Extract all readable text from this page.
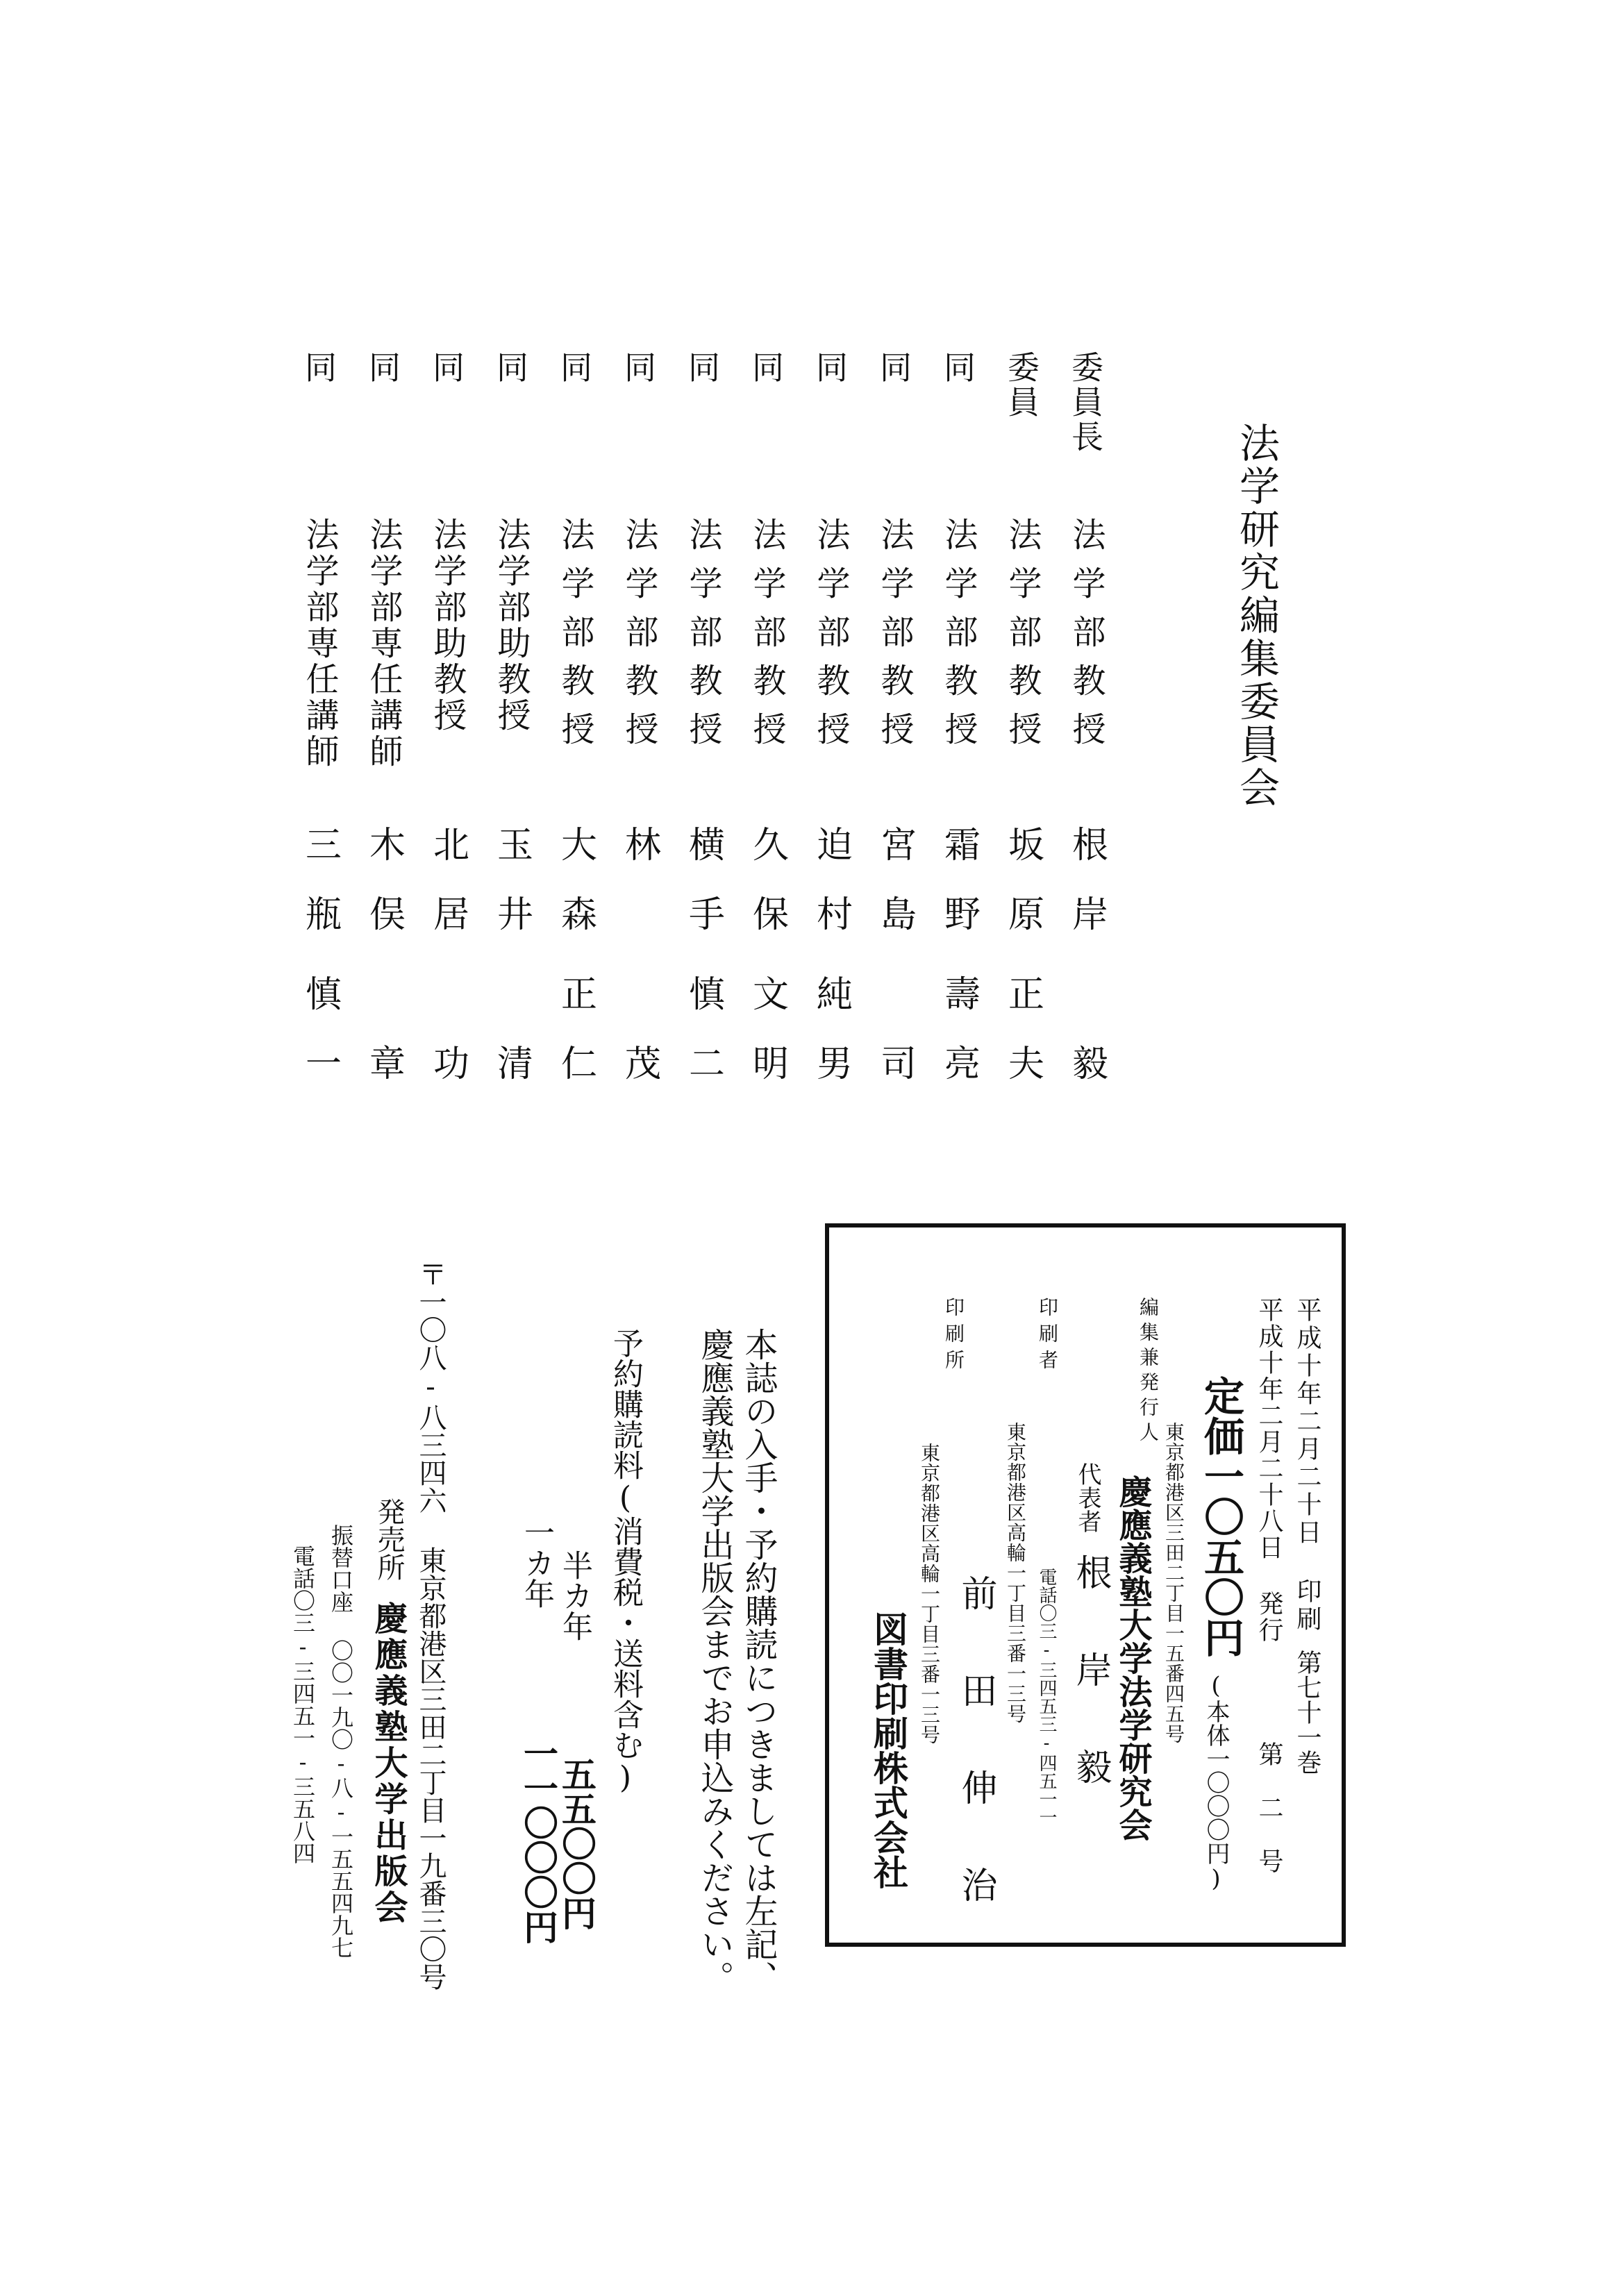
法学研究編集委員会
委員長
法学部教授
根
岸
毅
委員
法学部教授
坂
原
正
夫
同
法学部教授
霜
野
壽
亮
同
法学部教授
宮
島
司
同
法学部教授
迫
村
純
男
同
法学部教授
久
保
文
明
同
法学部教授
横
手
慎
二
同
法学部教授
林
茂
同
法学部教授
大
森
正
仁
同
法学部助教授
玉
井
清
同
法学部助教授
北
居
功
同
法学部専任講師
木
俣
章
同
法学部専任講師
三
瓶
慎
一
平成十年二月二十日 印刷
第七十一巻
平成十年二月二十八日 発行
第 二 号
定価一〇五〇円
(本体一〇〇〇円)
東京都港区三田二丁目一五番四五号
編集兼発行人
慶應義塾大学法学研究会
代表者
根 岸 毅
電話〇三-三四五三-四五一一
印刷者
東京都港区高輪一丁目三番一三号
前 田 伸 治
印刷所
東京都港区高輪一丁目三番一三号
図書印刷株式会社
本誌の入手・予約購読につきましては左記、
慶應義塾大学出版会までお申込みください。
予約購読料(消費税・送料含む)
半カ年
五五〇〇円
一カ年
一一〇〇〇円
〒一〇八-八三四六 東京都港区三田二丁目一九番三〇号
発売所
慶應義塾大学出版会
振替口座 〇〇一九〇-八-一五五四九七
電話〇三-三四五一-三五八四
